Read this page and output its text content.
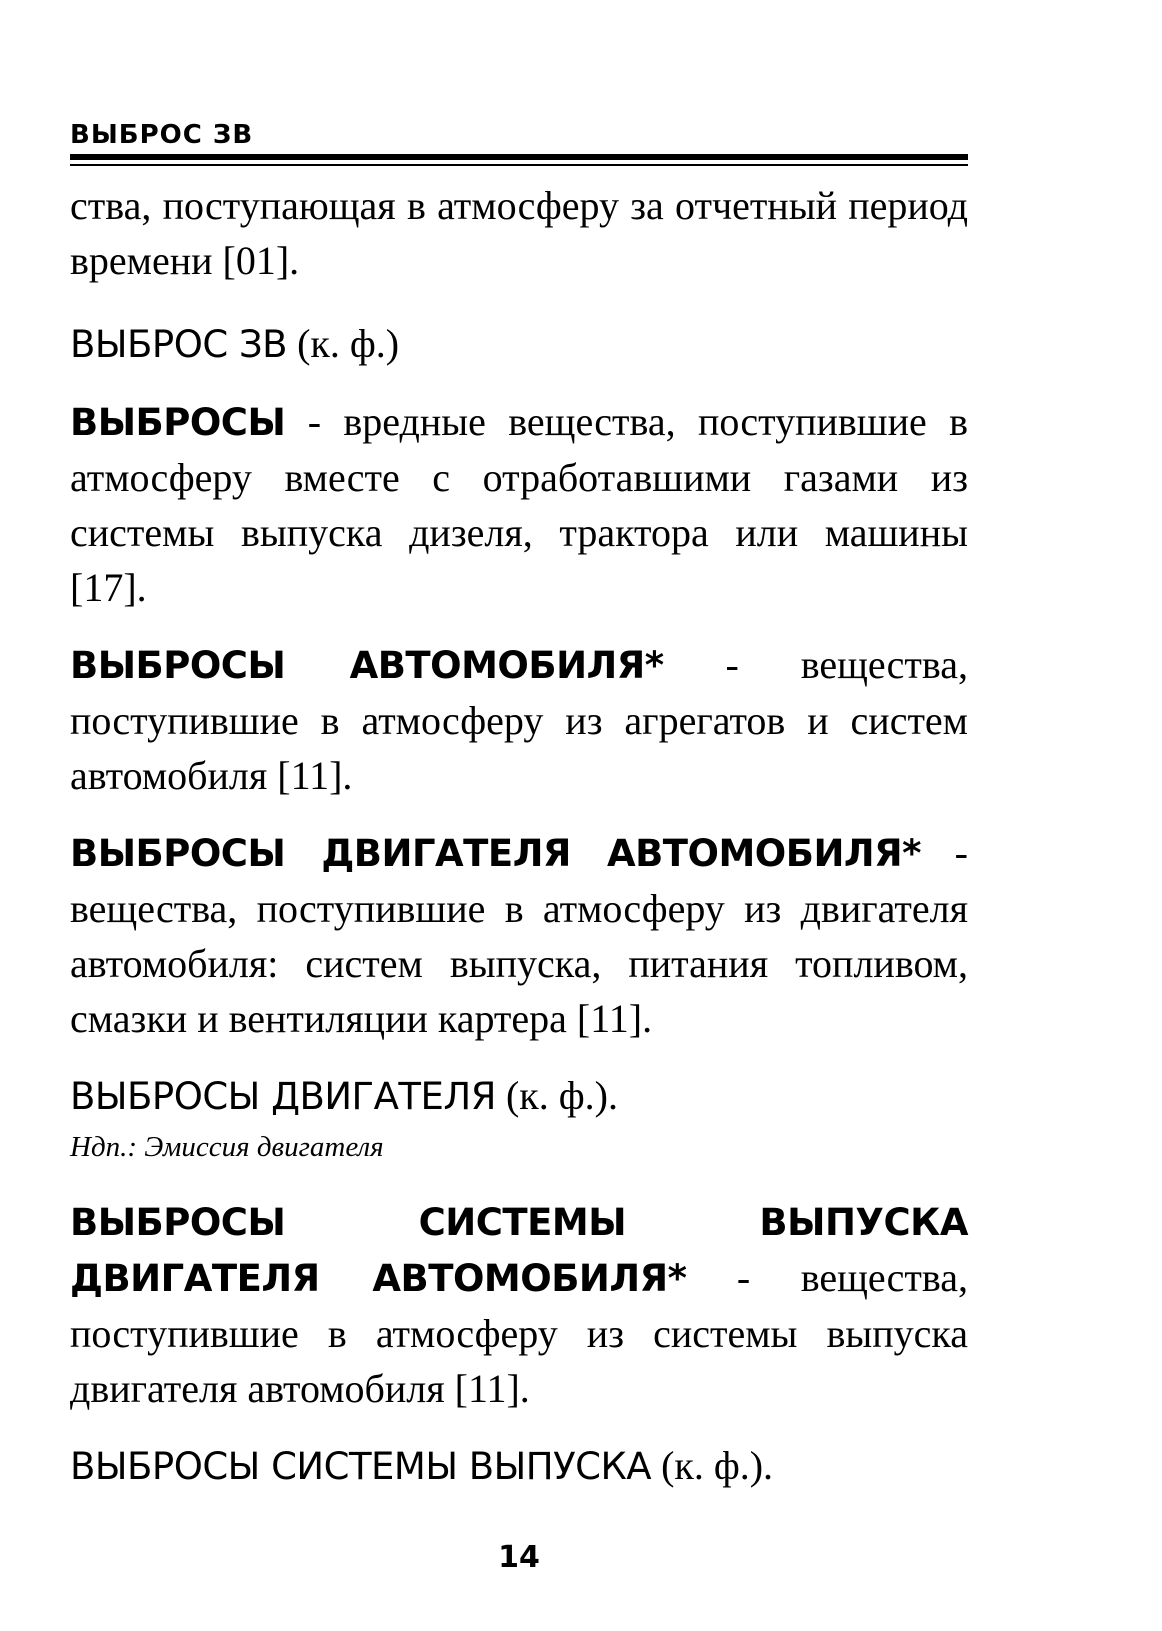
ВЫБРОС ЗВ

ства, поступающая в атмосферу за отчетный период времени [01].

ВЫБРОС ЗВ (к. ф.)

ВЫБРОСЫ - вредные вещества, поступившие в атмосферу вместе с отработавшими газами из системы выпуска дизеля, трактора или машины [17].

ВЫБРОСЫ АВТОМОБИЛЯ* - вещества, поступившие в атмосферу из агрегатов и систем автомобиля [11].

ВЫБРОСЫ ДВИГАТЕЛЯ АВТОМОБИЛЯ* - вещества, поступившие в атмосферу из двигателя автомобиля: систем выпуска, питания топливом, смазки и вентиляции картера [11].

ВЫБРОСЫ ДВИГАТЕЛЯ (к. ф.).

Ндп.: Эмиссия двигателя

ВЫБРОСЫ СИСТЕМЫ ВЫПУСКА ДВИГАТЕЛЯ АВТОМОБИЛЯ* - вещества, поступившие в атмосферу из системы выпуска двигателя автомобиля [11].

ВЫБРОСЫ СИСТЕМЫ ВЫПУСКА (к. ф.).

14
